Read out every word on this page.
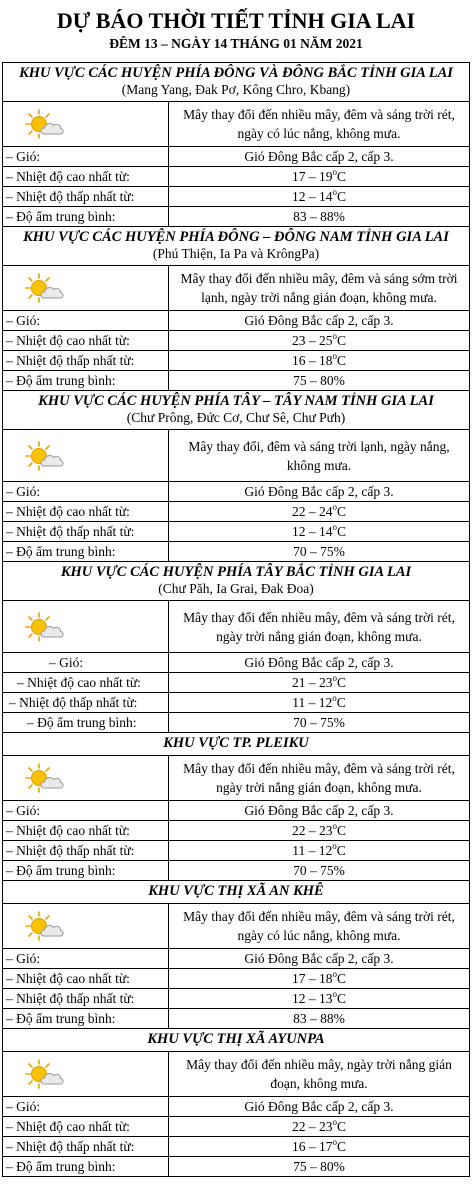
DỰ BÁO THỜI TIẾT TỈNH GIA LAI
ĐÊM 13 – NGÀY 14 THÁNG 01 NĂM 2021
KHU VỰC CÁC HUYỆN PHÍA ĐÔNG VÀ ĐÔNG BẮC TỈNH GIA LAI
(Mang Yang, Đak Pơ, Kông Chro, Kbang)
Mây thay đổi đến nhiều mây, đêm và sáng trời rét, ngày có lúc nắng, không mưa.
– Gió:	Gió Đông Bắc cấp 2, cấp 3.
– Nhiệt độ cao nhất từ:	17 – 19$^o$C
– Nhiệt độ thấp nhất từ:	12 – 14$^o$C
– Độ ẩm trung bình:	83 – 88%
KHU VỰC CÁC HUYỆN PHÍA ĐÔNG – ĐÔNG NAM TỈNH GIA LAI
(Phú Thiện, Ia Pa và KrôngPa)
Mây thay đổi đến nhiều mây, đêm và sáng sớm trời lạnh, ngày trời nắng gián đoạn, không mưa.
– Gió:	Gió Đông Bắc cấp 2, cấp 3.
– Nhiệt độ cao nhất từ:	23 – 25$^o$C
– Nhiệt độ thấp nhất từ:	16 – 18$^o$C
– Độ ẩm trung bình:	75 – 80%
KHU VỰC CÁC HUYỆN PHÍA TÂY – TÂY NAM TỈNH GIA LAI
(Chư Prông, Đức Cơ, Chư Sê, Chư Pưh)
Mây thay đổi, đêm và sáng trời lạnh, ngày nắng, không mưa.
– Gió:	Gió Đông Bắc cấp 2, cấp 3.
– Nhiệt độ cao nhất từ:	22 – 24$^o$C
– Nhiệt độ thấp nhất từ:	12 – 14$^o$C
– Độ ẩm trung bình:	70 – 75%
KHU VỰC CÁC HUYỆN PHÍA TÂY BẮC TỈNH GIA LAI
(Chư Păh, Ia Grai, Đak Đoa)
Mây thay đổi đến nhiều mây, đêm và sáng trời rét, ngày trời nắng gián đoạn, không mưa.
– Gió:	Gió Đông Bắc cấp 2, cấp 3.
– Nhiệt độ cao nhất từ:	21 – 23$^o$C
– Nhiệt độ thấp nhất từ:	11 – 12$^o$C
– Độ ẩm trung bình:	70 – 75%
KHU VỰC TP. PLEIKU
Mây thay đổi đến nhiều mây, đêm và sáng trời rét, ngày trời nắng gián đoạn, không mưa.
– Gió:	Gió Đông Bắc cấp 2, cấp 3.
– Nhiệt độ cao nhất từ:	22 – 23$^o$C
– Nhiệt độ thấp nhất từ:	11 – 12$^o$C
– Độ ẩm trung bình:	70 – 75%
KHU VỰC THỊ XÃ AN KHÊ
Mây thay đổi đến nhiều mây, đêm và sáng trời rét, ngày có lúc nắng, không mưa.
– Gió:	Gió Đông Bắc cấp 2, cấp 3.
– Nhiệt độ cao nhất từ:	17 – 18$^o$C
– Nhiệt độ thấp nhất từ:	12 – 13$^o$C
– Độ ẩm trung bình:	83 – 88%
KHU VỰC THỊ XÃ AYUNPA
Mây thay đổi đến nhiều mây, ngày trời nắng gián đoạn, không mưa.
– Gió:	Gió Đông Bắc cấp 2, cấp 3.
– Nhiệt độ cao nhất từ:	22 – 23$^o$C
– Nhiệt độ thấp nhất từ:	16 – 17$^o$C
– Độ ẩm trung bình:	75 – 80%
